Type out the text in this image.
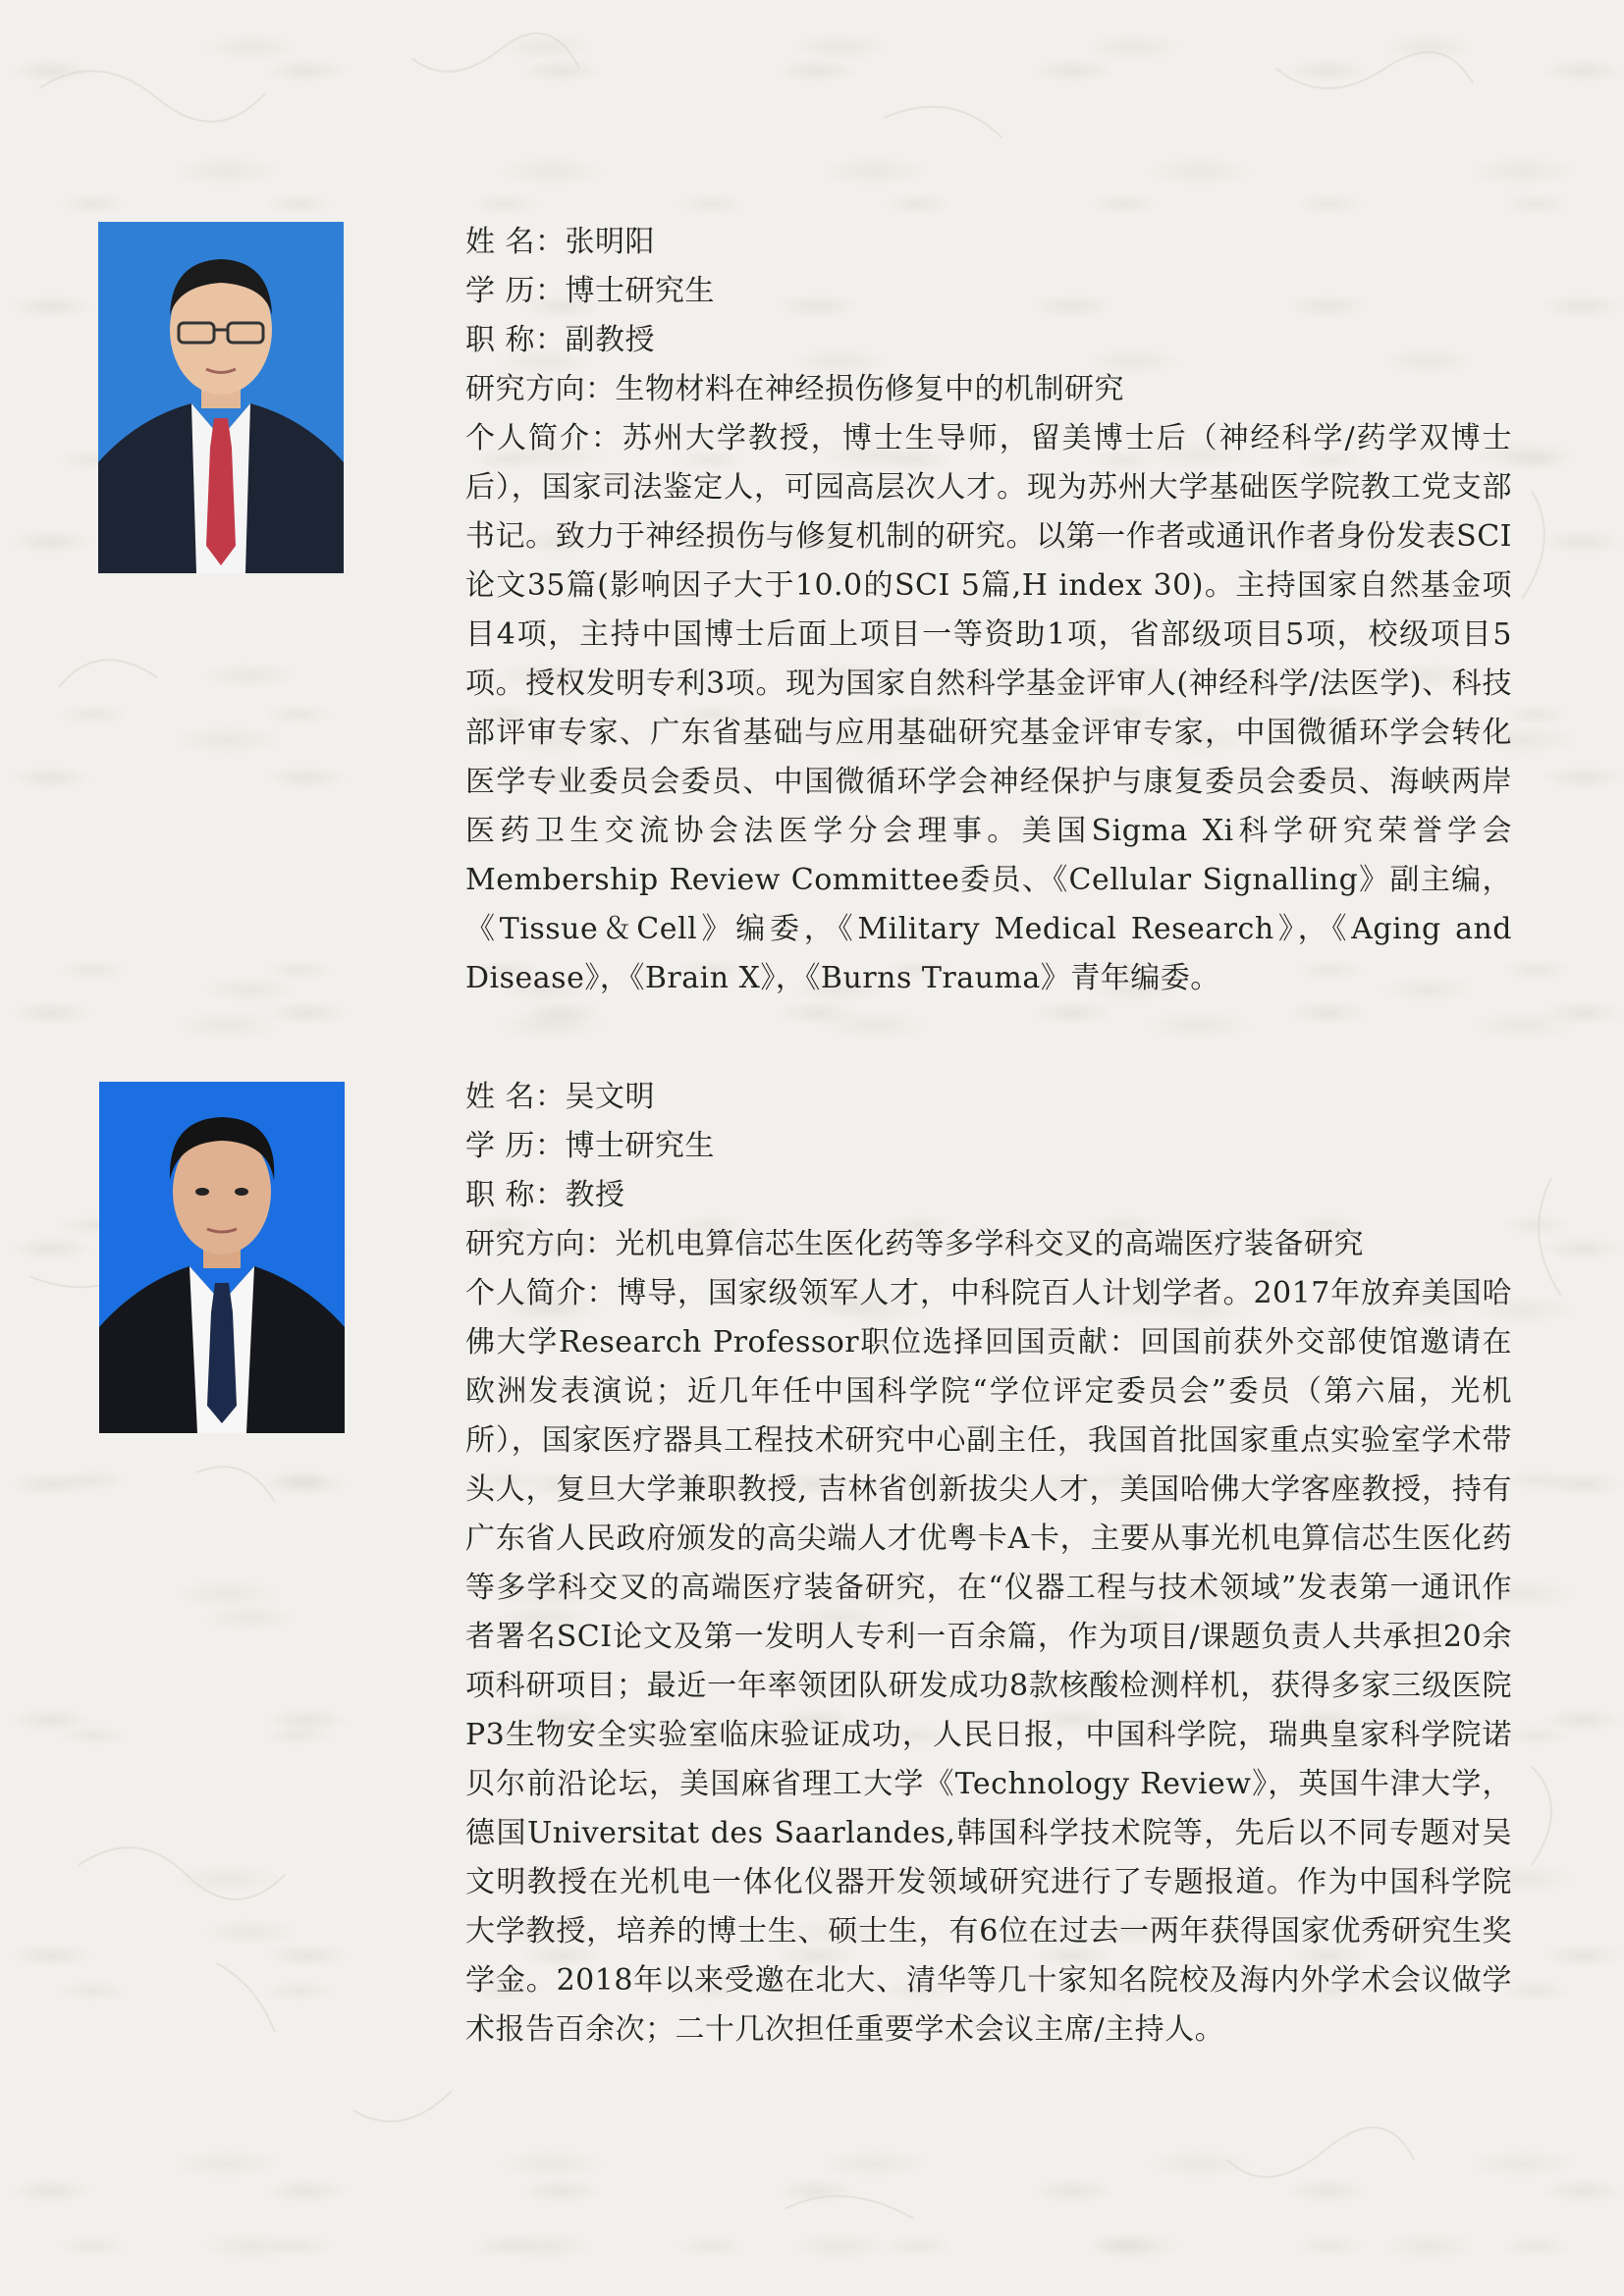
姓 名：张明阳

学 历：博士研究生

职 称：副教授

研究方向：生物材料在神经损伤修复中的机制研究

个人简介：苏州大学教授，博士生导师，留美博士后（神经科学/药学双博士后），国家司法鉴定人，可园高层次人才。现为苏州大学基础医学院教工党支部书记。致力于神经损伤与修复机制的研究。以第一作者或通讯作者身份发表SCI论文35篇(影响因子大于10.0的SCI 5篇,H index 30)。主持国家自然基金项目4项，主持中国博士后面上项目一等资助1项，省部级项目5项，校级项目5项。授权发明专利3项。现为国家自然科学基金评审人(神经科学/法医学)、科技部评审专家、广东省基础与应用基础研究基金评审专家，中国微循环学会转化医学专业委员会委员、中国微循环学会神经保护与康复委员会委员、海峡两岸医药卫生交流协会法医学分会理事。美国Sigma Xi科学研究荣誉学会Membership Review Committee委员、《Cellular Signalling》副主编，《Tissue＆Cell》编委，《Military Medical Research》，《Aging and Disease》，《Brain X》，《Burns Trauma》青年编委。

姓 名：吴文明

学 历：博士研究生

职 称：教授

研究方向：光机电算信芯生医化药等多学科交叉的高端医疗装备研究

个人简介：博导，国家级领军人才，中科院百人计划学者。2017年放弃美国哈佛大学Research Professor职位选择回国贡献：回国前获外交部使馆邀请在欧洲发表演说；近几年任中国科学院“学位评定委员会”委员（第六届，光机所），国家医疗器具工程技术研究中心副主任，我国首批国家重点实验室学术带头人，复旦大学兼职教授, 吉林省创新拔尖人才，美国哈佛大学客座教授，持有广东省人民政府颁发的高尖端人才优粤卡A卡，主要从事光机电算信芯生医化药等多学科交叉的高端医疗装备研究，在“仪器工程与技术领域”发表第一通讯作者署名SCI论文及第一发明人专利一百余篇，作为项目/课题负责人共承担20余项科研项目；最近一年率领团队研发成功8款核酸检测样机，获得多家三级医院P3生物安全实验室临床验证成功，人民日报，中国科学院，瑞典皇家科学院诺贝尔前沿论坛，美国麻省理工大学《Technology Review》，英国牛津大学，德国Universitat des Saarlandes,韩国科学技术院等，先后以不同专题对吴文明教授在光机电一体化仪器开发领域研究进行了专题报道。作为中国科学院大学教授，培养的博士生、硕士生，有6位在过去一两年获得国家优秀研究生奖学金。2018年以来受邀在北大、清华等几十家知名院校及海内外学术会议做学术报告百余次；二十几次担任重要学术会议主席/主持人。
